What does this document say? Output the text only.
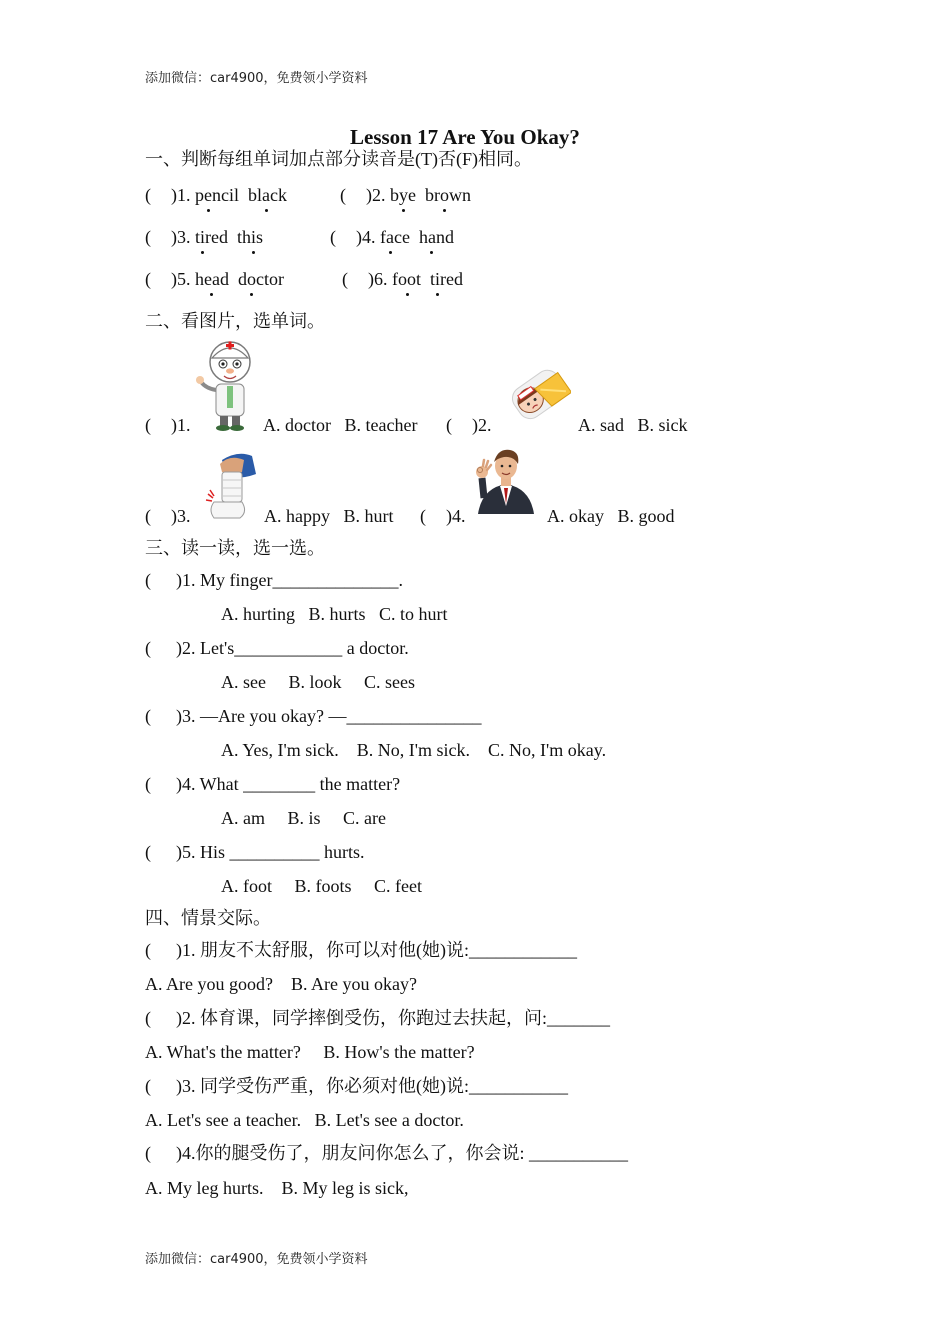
添加微信：car4900，免费领小学资料
添加微信：car4900，免费领小学资料
Lesson 17 Are You Okay?
一、判断每组单词加点部分读音是(T)否(F)相同。
( )1. pencil black	( )2. bye brown
( )3. tired this	( )4. face hand
( )5. head doctor	( )6. foot tired
二、看图片，选单词。
( )1.	A. doctor B. teacher ( )2.	A. sad B. sick
( )3.	A. happy B. hurt ( )4.	A. okay B. good
三、读一读，选一选。
( )1. My finger______________.
A. hurting B. hurts C. to hurt
( )2. Let's____________ a doctor.
A. see B. look C. sees
( )3. —Are you okay? —_______________
A. Yes, I'm sick. B. No, I'm sick. C. No, I'm okay.
( )4. What ________ the matter?
A. am B. is C. are
( )5. His __________ hurts.
A. foot B. foots C. feet
四、情景交际。
( )1. 朋友不太舒服，你可以对他(她)说:____________
A. Are you good?    B. Are you okay?
( )2. 体育课，同学摔倒受伤，你跑过去扶起，问:_______
A. What's the matter?     B. How's the matter?
( )3. 同学受伤严重，你必须对他(她)说:___________
A. Let's see a teacher.   B. Let's see a doctor.
( )4.你的腿受伤了，朋友问你怎么了，你会说: ___________
A. My leg hurts.    B. My leg is sick,
